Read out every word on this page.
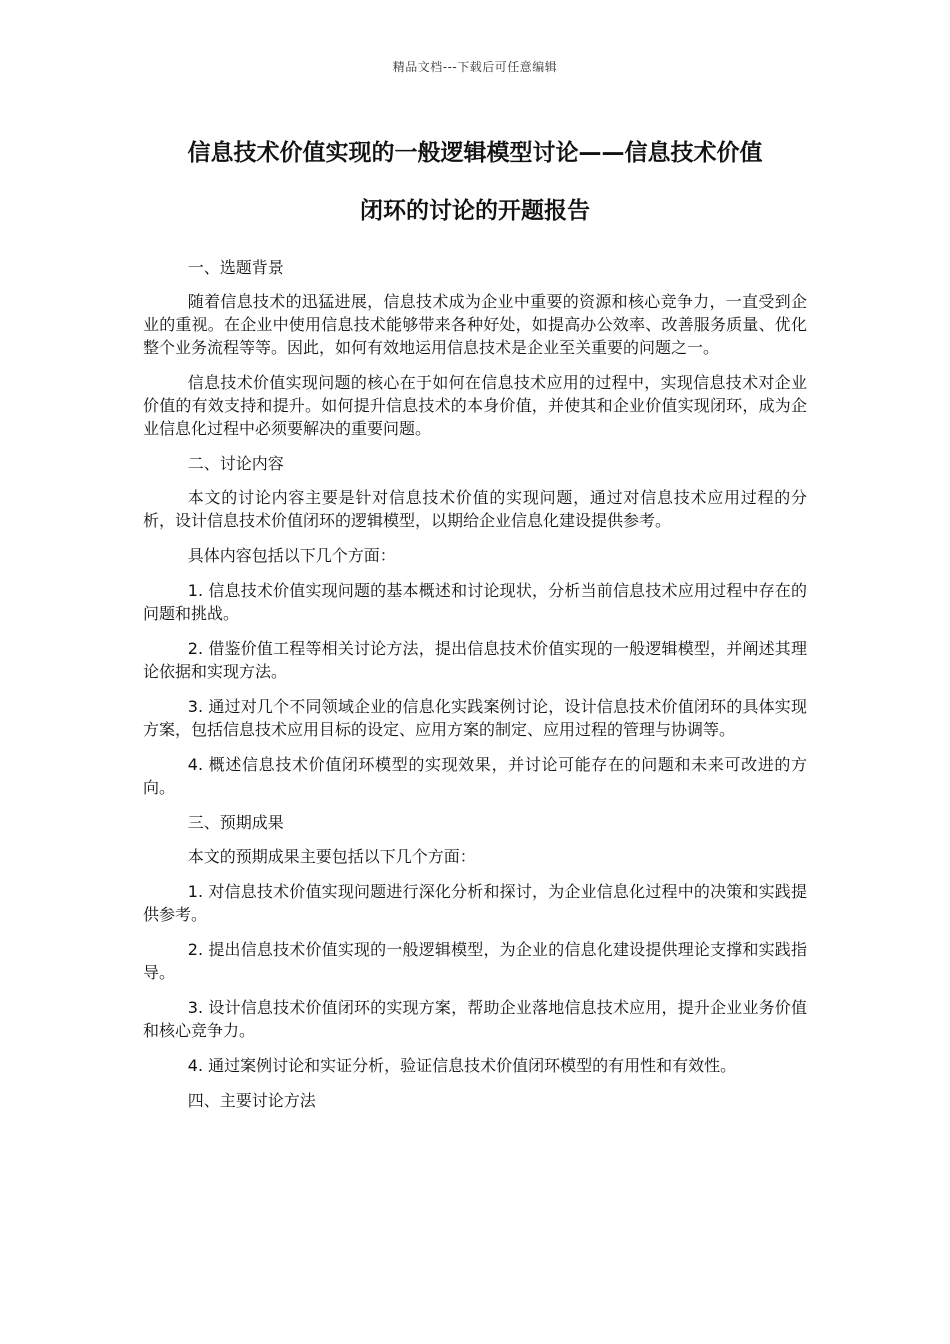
精品文档---下载后可任意编辑
信息技术价值实现的一般逻辑模型讨论——信息技术价值
闭环的讨论的开题报告

一、选题背景

随着信息技术的迅猛进展，信息技术成为企业中重要的资源和核心竞争力，一直受到企业的重视。在企业中使用信息技术能够带来各种好处，如提高办公效率、改善服务质量、优化整个业务流程等等。因此，如何有效地运用信息技术是企业至关重要的问题之一。

信息技术价值实现问题的核心在于如何在信息技术应用的过程中，实现信息技术对企业价值的有效支持和提升。如何提升信息技术的本身价值，并使其和企业价值实现闭环，成为企业信息化过程中必须要解决的重要问题。

二、讨论内容

本文的讨论内容主要是针对信息技术价值的实现问题，通过对信息技术应用过程的分析，设计信息技术价值闭环的逻辑模型，以期给企业信息化建设提供参考。

具体内容包括以下几个方面：

1. 信息技术价值实现问题的基本概述和讨论现状，分析当前信息技术应用过程中存在的问题和挑战。

2. 借鉴价值工程等相关讨论方法，提出信息技术价值实现的一般逻辑模型，并阐述其理论依据和实现方法。

3. 通过对几个不同领域企业的信息化实践案例讨论，设计信息技术价值闭环的具体实现方案，包括信息技术应用目标的设定、应用方案的制定、应用过程的管理与协调等。

4. 概述信息技术价值闭环模型的实现效果，并讨论可能存在的问题和未来可改进的方向。

三、预期成果

本文的预期成果主要包括以下几个方面：

1. 对信息技术价值实现问题进行深化分析和探讨，为企业信息化过程中的决策和实践提供参考。

2. 提出信息技术价值实现的一般逻辑模型，为企业的信息化建设提供理论支撑和实践指导。

3. 设计信息技术价值闭环的实现方案，帮助企业落地信息技术应用，提升企业业务价值和核心竞争力。

4. 通过案例讨论和实证分析，验证信息技术价值闭环模型的有用性和有效性。

四、主要讨论方法
